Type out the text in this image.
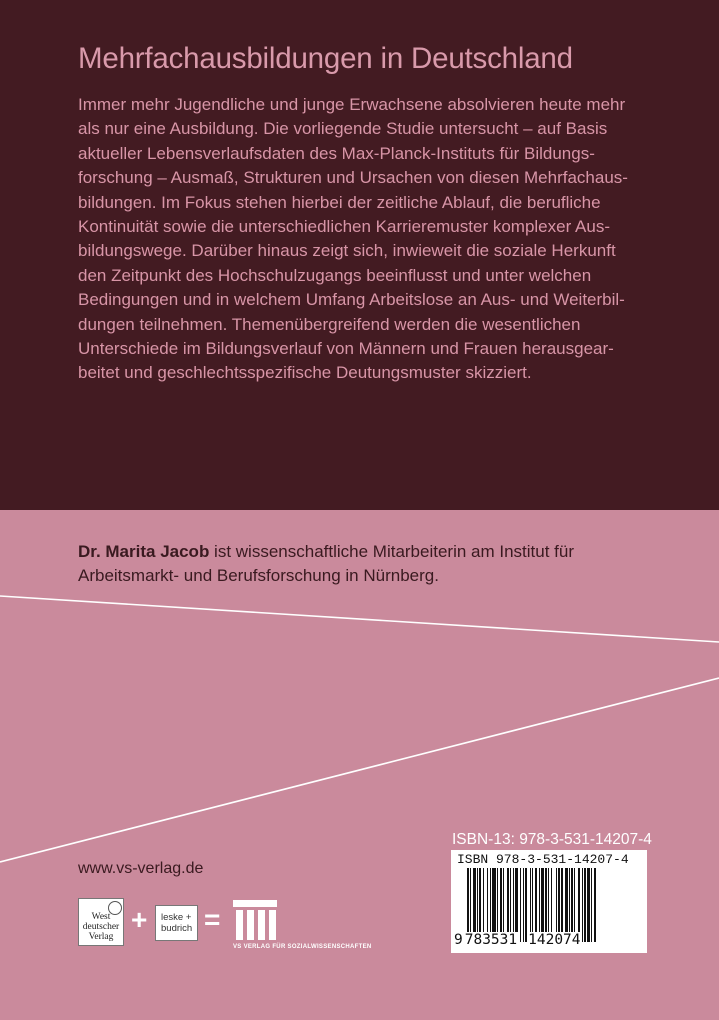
Mehrfachausbildungen in Deutschland
Immer mehr Jugendliche und junge Erwachsene absolvieren heute mehr
als nur eine Ausbildung. Die vorliegende Studie untersucht – auf Basis
aktueller Lebensverlaufsdaten des Max-Planck-Instituts für Bildungs-
forschung – Ausmaß, Strukturen und Ursachen von diesen Mehrfachaus-
bildungen. Im Fokus stehen hierbei der zeitliche Ablauf, die berufliche
Kontinuität sowie die unterschiedlichen Karrieremuster komplexer Aus-
bildungswege. Darüber hinaus zeigt sich, inwieweit die soziale Herkunft
den Zeitpunkt des Hochschulzugangs beeinflusst und unter welchen
Bedingungen und in welchem Umfang Arbeitslose an Aus- und Weiterbil-
dungen teilnehmen. Themenübergreifend werden die wesentlichen
Unterschiede im Bildungsverlauf von Männern und Frauen herausgear-
beitet und geschlechtsspezifische Deutungsmuster skizziert.
Dr. Marita Jacob ist wissenschaftliche Mitarbeiterin am Institut für
Arbeitsmarkt- und Berufsforschung in Nürnberg.
www.vs-verlag.de
West
deutscher
Verlag
+ leske +
budrich =
VS VERLAG FÜR SOZIALWISSENSCHAFTEN
ISBN-13: 978-3-531-14207-4
ISBN 978-3-531-14207-4
9 783531 142074
